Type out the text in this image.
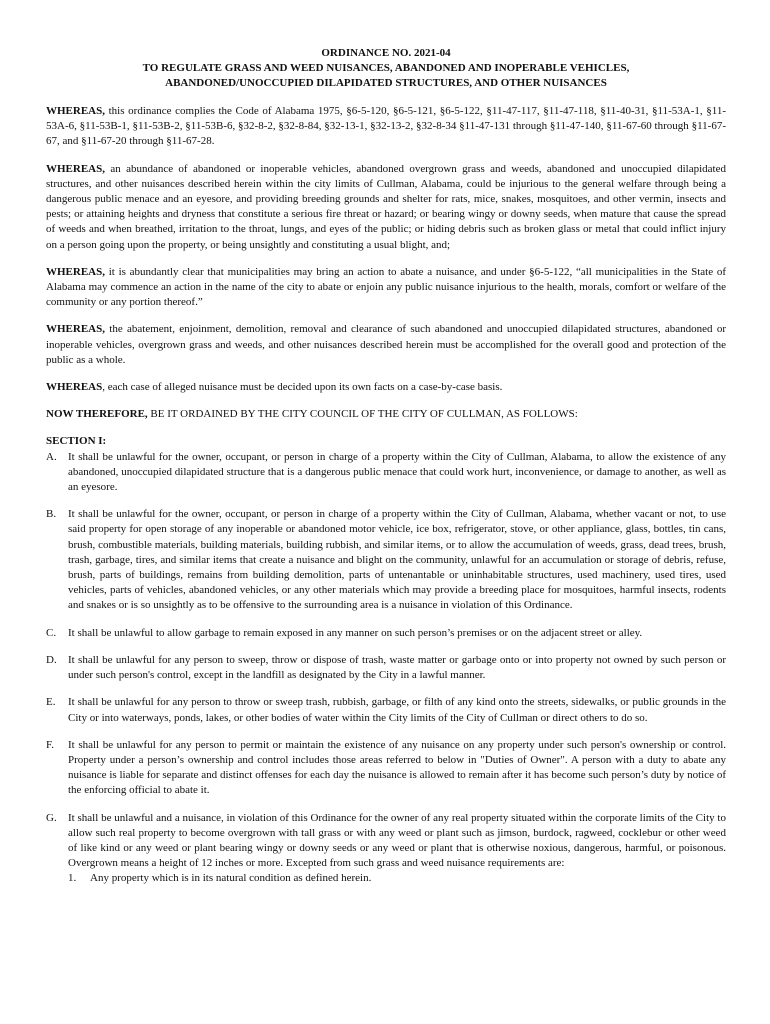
ORDINANCE NO. 2021-04
TO REGULATE GRASS AND WEED NUISANCES, ABANDONED AND INOPERABLE VEHICLES,
ABANDONED/UNOCCUPIED DILAPIDATED STRUCTURES, AND OTHER NUISANCES

WHEREAS, this ordinance complies the Code of Alabama 1975, §6-5-120, §6-5-121, §6-5-122, §11-47-117, §11-47-118, §11-40-31, §11-53A-1, §11-53A-6, §11-53B-1, §11-53B-2, §11-53B-6, §32-8-2, §32-8-84, §32-13-1, §32-13-2, §32-8-34 §11-47-131 through §11-47-140, §11-67-60 through §11-67-67, and §11-67-20 through §11-67-28.

WHEREAS, an abundance of abandoned or inoperable vehicles, abandoned overgrown grass and weeds, abandoned and unoccupied dilapidated structures, and other nuisances described herein within the city limits of Cullman, Alabama, could be injurious to the general welfare through being a dangerous public menace and an eyesore, and providing breeding grounds and shelter for rats, mice, snakes, mosquitoes, and other vermin, insects and pests; or attaining heights and dryness that constitute a serious fire threat or hazard; or bearing wingy or downy seeds, when mature that cause the spread of weeds and when breathed, irritation to the throat, lungs, and eyes of the public; or hiding debris such as broken glass or metal that could inflict injury on a person going upon the property, or being unsightly and constituting a usual blight, and;

WHEREAS, it is abundantly clear that municipalities may bring an action to abate a nuisance, and under §6-5-122, “all municipalities in the State of Alabama may commence an action in the name of the city to abate or enjoin any public nuisance injurious to the health, morals, comfort or welfare of the community or any portion thereof.”

WHEREAS, the abatement, enjoinment, demolition, removal and clearance of such abandoned and unoccupied dilapidated structures, abandoned or inoperable vehicles, overgrown grass and weeds, and other nuisances described herein must be accomplished for the overall good and protection of the public as a whole.

WHEREAS, each case of alleged nuisance must be decided upon its own facts on a case-by-case basis.

NOW THEREFORE, BE IT ORDAINED BY THE CITY COUNCIL OF THE CITY OF CULLMAN, AS FOLLOWS:

SECTION I:
A.	It shall be unlawful for the owner, occupant, or person in charge of a property within the City of Cullman, Alabama, to allow the existence of any abandoned, unoccupied dilapidated structure that is a dangerous public menace that could work hurt, inconvenience, or damage to another, as well as an eyesore.
B.	It shall be unlawful for the owner, occupant, or person in charge of a property within the City of Cullman, Alabama, whether vacant or not, to use said property for open storage of any inoperable or abandoned motor vehicle, ice box, refrigerator, stove, or other appliance, glass, bottles, tin cans, brush, combustible materials, building materials, building rubbish, and similar items, or to allow the accumulation of weeds, grass, dead trees, brush, trash, garbage, tires, and similar items that create a nuisance and blight on the community, unlawful for an accumulation or storage of debris, refuse, brush, parts of buildings, remains from building demolition, parts of untenantable or uninhabitable structures, used machinery, used tires, used vehicles, parts of vehicles, abandoned vehicles, or any other materials which may provide a breeding place for mosquitoes, harmful insects, rodents and snakes or is so unsightly as to be offensive to the surrounding area is a nuisance in violation of this Ordinance.
C.	It shall be unlawful to allow garbage to remain exposed in any manner on such person’s premises or on the adjacent street or alley.
D.	It shall be unlawful for any person to sweep, throw or dispose of trash, waste matter or garbage onto or into property not owned by such person or under such person's control, except in the landfill as designated by the City in a lawful manner.
E.	It shall be unlawful for any person to throw or sweep trash, rubbish, garbage, or filth of any kind onto the streets, sidewalks, or public grounds in the City or into waterways, ponds, lakes, or other bodies of water within the City limits of the City of Cullman or direct others to do so.
F.	It shall be unlawful for any person to permit or maintain the existence of any nuisance on any property under such person's ownership or control. Property under a person’s ownership and control includes those areas referred to below in "Duties of Owner". A person with a duty to abate any nuisance is liable for separate and distinct offenses for each day the nuisance is allowed to remain after it has become such person’s duty by notice of the enforcing official to abate it.
G.	It shall be unlawful and a nuisance, in violation of this Ordinance for the owner of any real property situated within the corporate limits of the City to allow such real property to become overgrown with tall grass or with any weed or plant such as jimson, burdock, ragweed, cocklebur or other weed of like kind or any weed or plant bearing wingy or downy seeds or any weed or plant that is otherwise noxious, dangerous, harmful, or poisonous. Overgrown means a height of 12 inches or more. Excepted from such grass and weed nuisance requirements are:
1.	Any property which is in its natural condition as defined herein.
